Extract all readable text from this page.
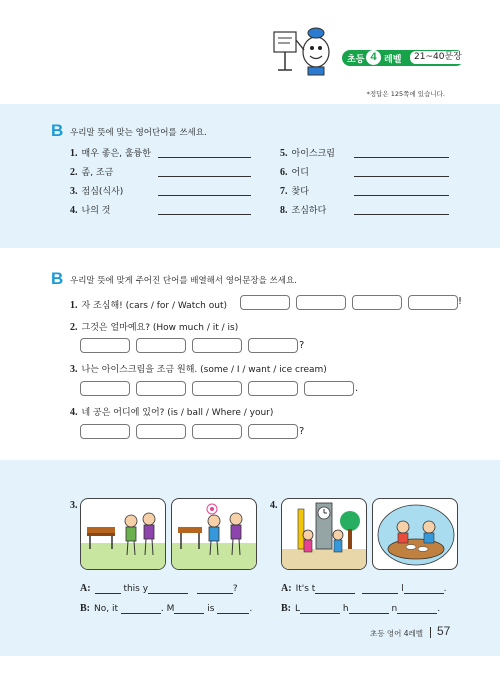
초등 4 레벨	21~40문장
*정답은 125쪽에 있습니다.
B 우리말 뜻에 맞는 영어단어를 쓰세요.
1. 매우 좋은, 훌륭한
2. 좀, 조금
3. 점심(식사)
4. 나의 것
5. 아이스크림
6. 어디
7. 찾다
8. 조심하다
B 우리말 뜻에 맞게 주어진 단어를 배열해서 영어문장을 쓰세요.
1. 자 조심해! (cars / for / Watch out)	!
2. 그것은 얼마예요? (How much / it / is)
?
3. 나는 아이스크림을 조금 원해. (some / I / want / ice cream)
.
4. 네 공은 어디에 있어? (is / ball / Where / your)
?
3.
A:	this y	?
B: No, it	. M	is	.
4.
A: It's t	l	.
B: L	h	n	.
초등 영어 4레벨 57
